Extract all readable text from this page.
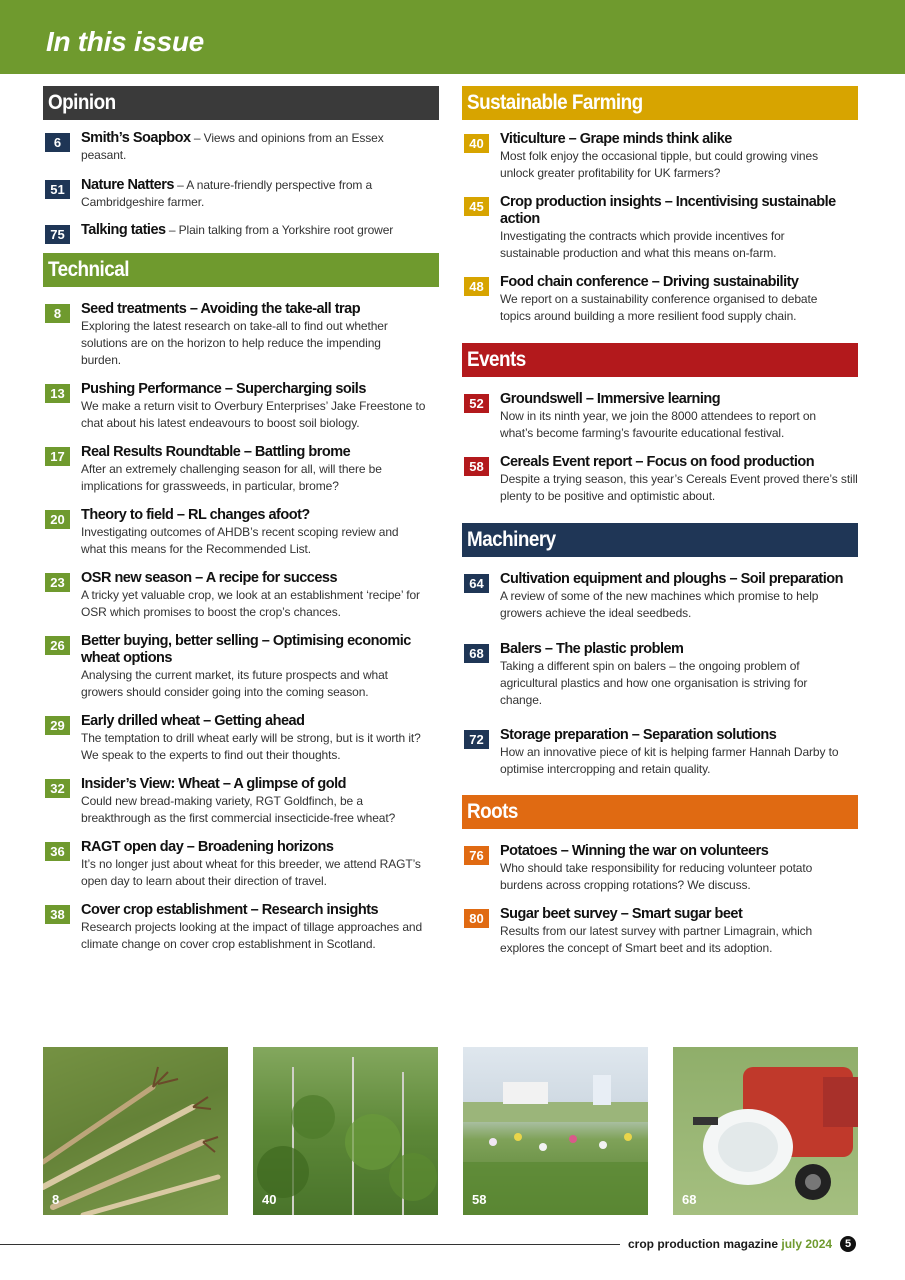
In this issue
Opinion
6	Smith’s Soapbox – Views and opinions from an Essex peasant.
51	Nature Natters – A nature-friendly perspective from a Cambridgeshire farmer.
75	Talking taties – Plain talking from a Yorkshire root grower
Technical
8	Seed treatments – Avoiding the take-all trap
Exploring the latest research on take-all to find out whether solutions are on the horizon to help reduce the impending burden.
13	Pushing Performance – Supercharging soils
We make a return visit to Overbury Enterprises’ Jake Freestone to chat about his latest endeavours to boost soil biology.
17	Real Results Roundtable – Battling brome
After an extremely challenging season for all, will there be implications for grassweeds, in particular, brome?
20	Theory to field – RL changes afoot?
Investigating outcomes of AHDB’s recent scoping review and what this means for the Recommended List.
23	OSR new season – A recipe for success
A tricky yet valuable crop, we look at an establishment ‘recipe’ for OSR which promises to boost the crop’s chances.
26	Better buying, better selling – Optimising economic wheat options
Analysing the current market, its future prospects and what growers should consider going into the coming season.
29	Early drilled wheat – Getting ahead
The temptation to drill wheat early will be strong, but is it worth it? We speak to the experts to find out their thoughts.
32	Insider’s View: Wheat – A glimpse of gold
Could new bread-making variety, RGT Goldfinch, be a breakthrough as the first commercial insecticide-free wheat?
36	RAGT open day – Broadening horizons
It’s no longer just about wheat for this breeder, we attend RAGT’s open day to learn about their direction of travel.
38	Cover crop establishment – Research insights
Research projects looking at the impact of tillage approaches and climate change on cover crop establishment in Scotland.
Sustainable Farming
40	Viticulture – Grape minds think alike
Most folk enjoy the occasional tipple, but could growing vines unlock greater profitability for UK farmers?
45	Crop production insights – Incentivising sustainable action
Investigating the contracts which provide incentives for sustainable production and what this means on-farm.
48	Food chain conference – Driving sustainability
We report on a sustainability conference organised to debate topics around building a more resilient food supply chain.
Events
52	Groundswell – Immersive learning
Now in its ninth year, we join the 8000 attendees to report on what’s become farming’s favourite educational festival.
58	Cereals Event report – Focus on food production
Despite a trying season, this year’s Cereals Event proved there’s still plenty to be positive and optimistic about.
Machinery
64	Cultivation equipment and ploughs – Soil preparation
A review of some of the new machines which promise to help growers achieve the ideal seedbeds.
68	Balers – The plastic problem
Taking a different spin on balers – the ongoing problem of agricultural plastics and how one organisation is striving for change.
72	Storage preparation – Separation solutions
How an innovative piece of kit is helping farmer Hannah Darby to optimise intercropping and retain quality.
Roots
76	Potatoes – Winning the war on volunteers
Who should take responsibility for reducing volunteer potato burdens across cropping rotations? We discuss.
80	Sugar beet survey – Smart sugar beet
Results from our latest survey with partner Limagrain, which explores the concept of Smart beet and its adoption.
8	40	58	68
crop production magazine july 2024	5
